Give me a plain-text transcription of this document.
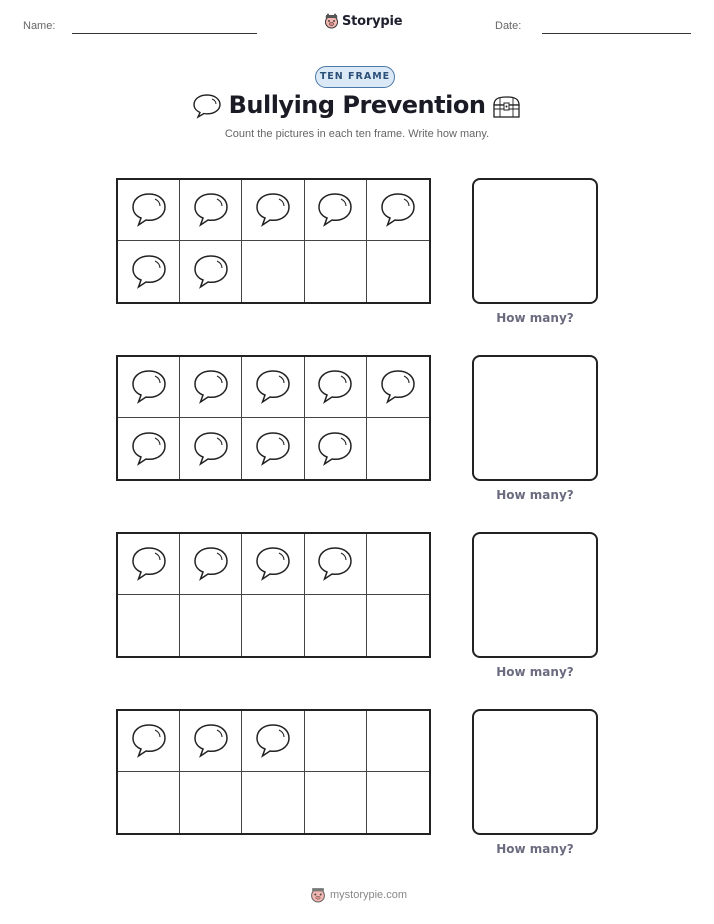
Name:	Storypie	Date:
TEN FRAME
Bullying Prevention
Count the pictures in each ten frame. Write how many.
How many?
How many?
How many?
How many?
mystorypie.com
